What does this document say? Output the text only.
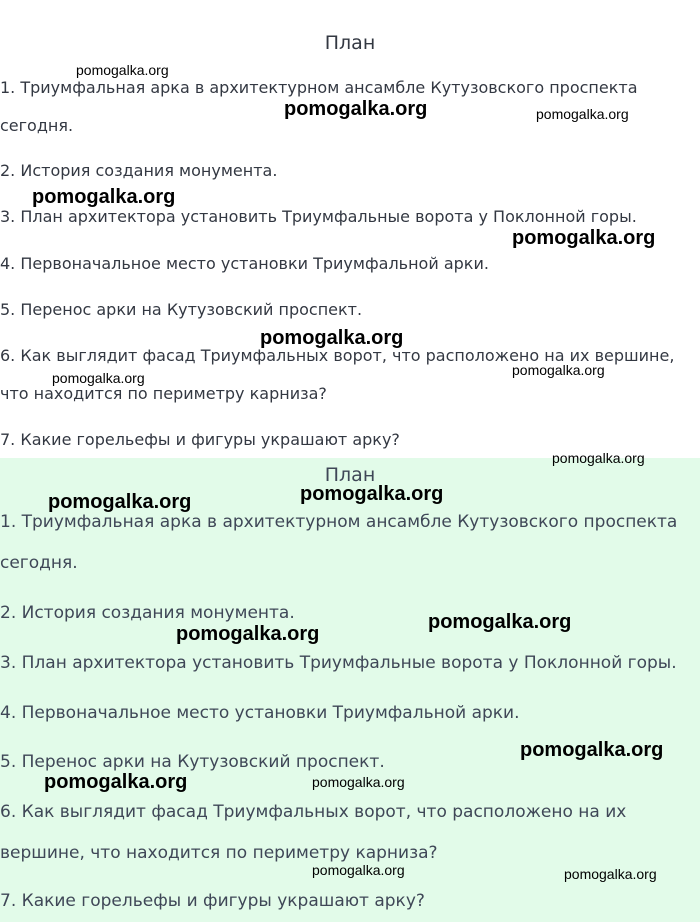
План
1. Триумфальная арка в архитектурном ансамбле Кутузовского проспекта
сегодня.
2. История создания монумента.
3. План архитектора установить Триумфальные ворота у Поклонной горы.
4. Первоначальное место установки Триумфальной арки.
5. Перенос арки на Кутузовский проспект.
6. Как выглядит фасад Триумфальных ворот, что расположено на их вершине,
что находится по периметру карниза?
7. Какие горельефы и фигуры украшают арку?
План
1. Триумфальная арка в архитектурном ансамбле Кутузовского проспекта
сегодня.
2. История создания монумента.
3. План архитектора установить Триумфальные ворота у Поклонной горы.
4. Первоначальное место установки Триумфальной арки.
5. Перенос арки на Кутузовский проспект.
6. Как выглядит фасад Триумфальных ворот, что расположено на их
вершине, что находится по периметру карниза?
7. Какие горельефы и фигуры украшают арку?
pomogalka.org
pomogalka.org	pomogalka.org
pomogalka.org
pomogalka.org
pomogalka.org
pomogalka.org	pomogalka.org
pomogalka.org
pomogalka.org
pomogalka.org
pomogalka.org
pomogalka.org
pomogalka.org
pomogalka.org	pomogalka.org
pomogalka.org	pomogalka.org
